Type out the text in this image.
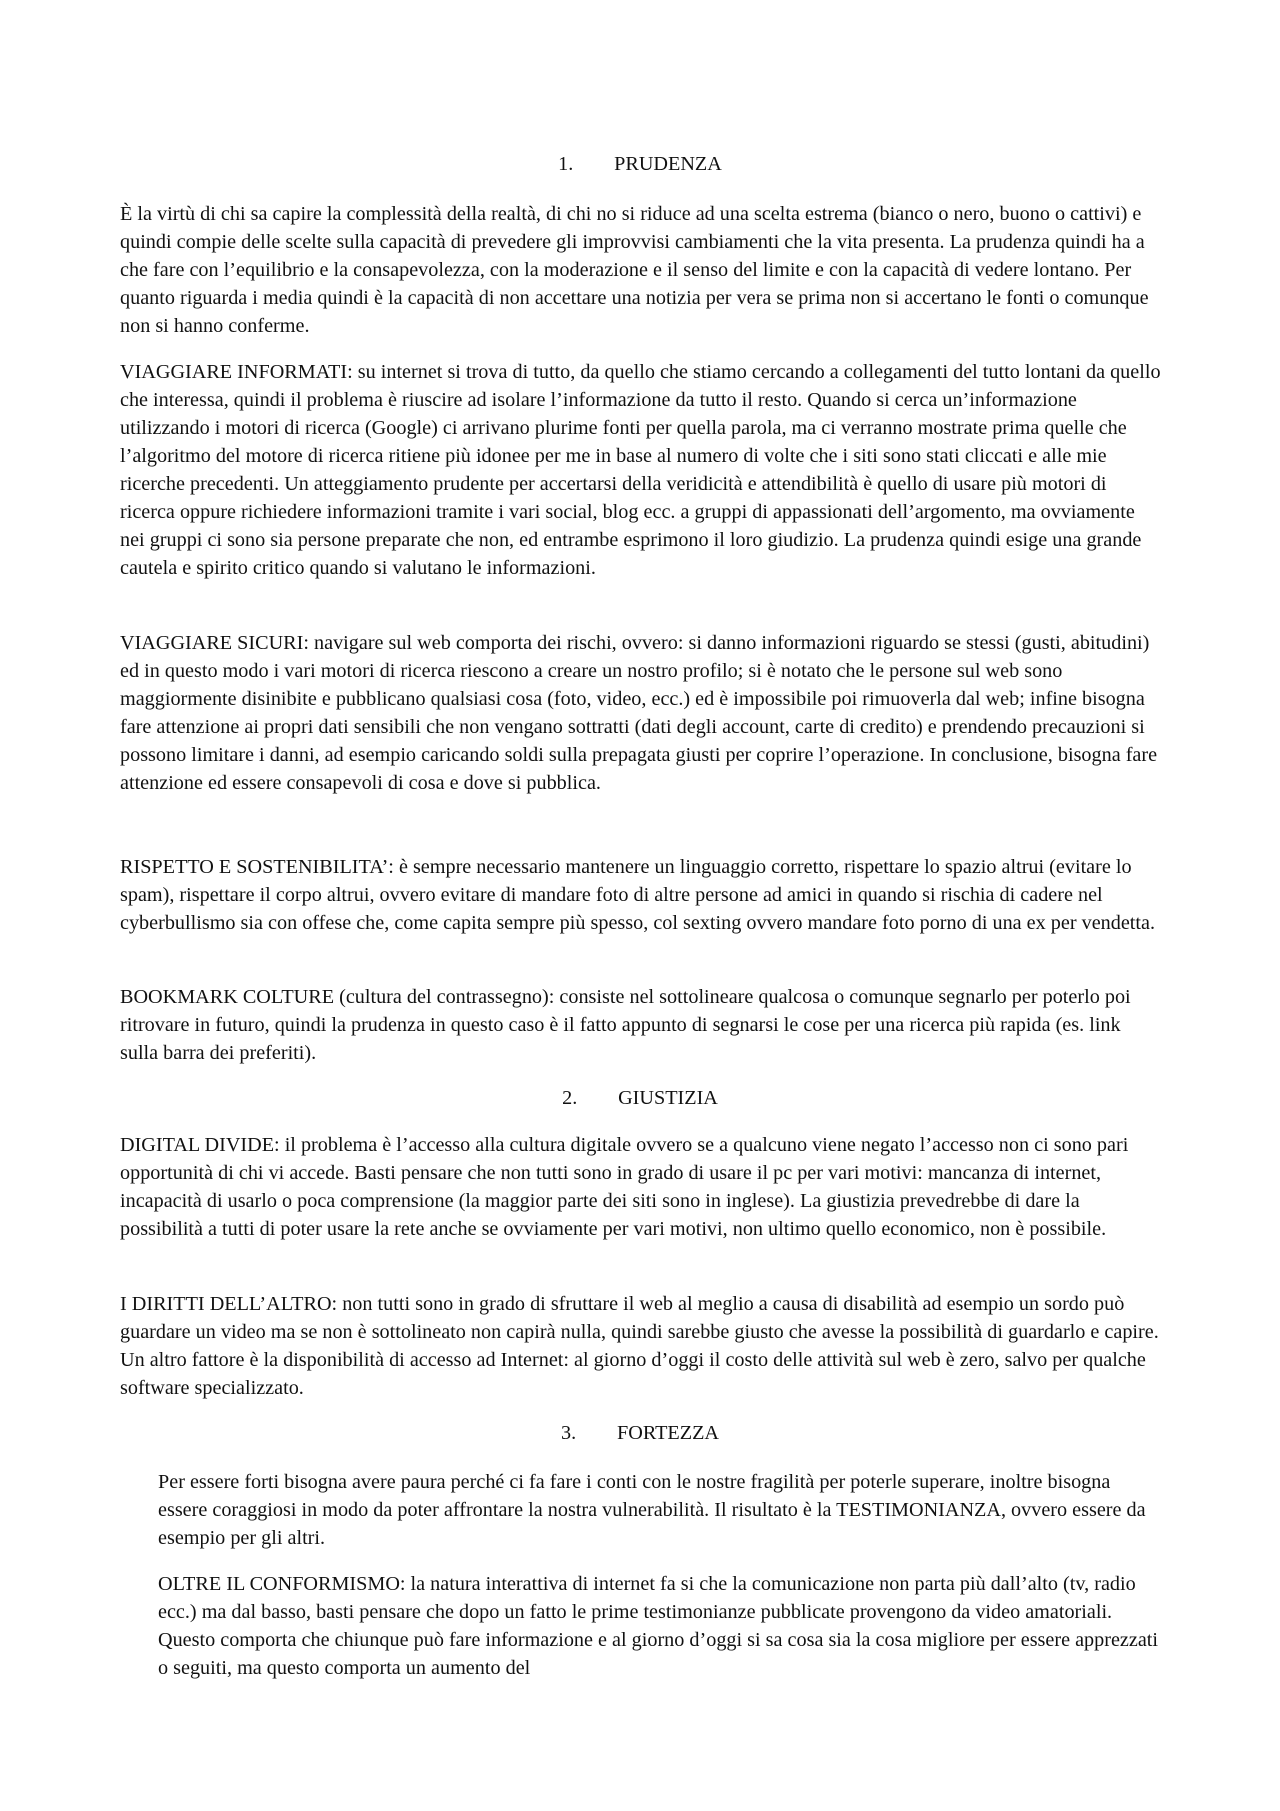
1. PRUDENZA

È la virtù di chi sa capire la complessità della realtà, di chi no si riduce ad una scelta estrema (bianco o nero, buono o cattivi) e quindi compie delle scelte sulla capacità di prevedere gli improvvisi cambiamenti che la vita presenta. La prudenza quindi ha a che fare con l’equilibrio e la consapevolezza, con la moderazione e il senso del limite e con la capacità di vedere lontano. Per quanto riguarda i media quindi è la capacità di non accettare una notizia per vera se prima non si accertano le fonti o comunque non si hanno conferme.

VIAGGIARE INFORMATI: su internet si trova di tutto, da quello che stiamo cercando a collegamenti del tutto lontani da quello che interessa, quindi il problema è riuscire ad isolare l’informazione da tutto il resto. Quando si cerca un’informazione utilizzando i motori di ricerca (Google) ci arrivano plurime fonti per quella parola, ma ci verranno mostrate prima quelle che l’algoritmo del motore di ricerca ritiene più idonee per me in base al numero di volte che i siti sono stati cliccati e alle mie ricerche precedenti. Un atteggiamento prudente per accertarsi della veridicità e attendibilità è quello di usare più motori di ricerca oppure richiedere informazioni tramite i vari social, blog ecc. a gruppi di appassionati dell’argomento, ma ovviamente nei gruppi ci sono sia persone preparate che non, ed entrambe esprimono il loro giudizio. La prudenza quindi esige una grande cautela e spirito critico quando si valutano le informazioni.

VIAGGIARE SICURI: navigare sul web comporta dei rischi, ovvero: si danno informazioni riguardo se stessi (gusti, abitudini) ed in questo modo i vari motori di ricerca riescono a creare un nostro profilo; si è notato che le persone sul web sono maggiormente disinibite e pubblicano qualsiasi cosa (foto, video, ecc.) ed è impossibile poi rimuoverla dal web; infine bisogna fare attenzione ai propri dati sensibili che non vengano sottratti (dati degli account, carte di credito) e prendendo precauzioni si possono limitare i danni, ad esempio caricando soldi sulla prepagata giusti per coprire l’operazione. In conclusione, bisogna fare attenzione ed essere consapevoli di cosa e dove si pubblica.

RISPETTO E SOSTENIBILITA’: è sempre necessario mantenere un linguaggio corretto, rispettare lo spazio altrui (evitare lo spam), rispettare il corpo altrui, ovvero evitare di mandare foto di altre persone ad amici in quando si rischia di cadere nel cyberbullismo sia con offese che, come capita sempre più spesso, col sexting ovvero mandare foto porno di una ex per vendetta.

BOOKMARK COLTURE (cultura del contrassegno): consiste nel sottolineare qualcosa o comunque segnarlo per poterlo poi ritrovare in futuro, quindi la prudenza in questo caso è il fatto appunto di segnarsi le cose per una ricerca più rapida (es. link sulla barra dei preferiti).

2. GIUSTIZIA

DIGITAL DIVIDE: il problema è l’accesso alla cultura digitale ovvero se a qualcuno viene negato l’accesso non ci sono pari opportunità di chi vi accede. Basti pensare che non tutti sono in grado di usare il pc per vari motivi: mancanza di internet, incapacità di usarlo o poca comprensione (la maggior parte dei siti sono in inglese). La giustizia prevedrebbe di dare la possibilità a tutti di poter usare la rete anche se ovviamente per vari motivi, non ultimo quello economico, non è possibile.

I DIRITTI DELL’ALTRO: non tutti sono in grado di sfruttare il web al meglio a causa di disabilità ad esempio un sordo può guardare un video ma se non è sottolineato non capirà nulla, quindi sarebbe giusto che avesse la possibilità di guardarlo e capire. Un altro fattore è la disponibilità di accesso ad Internet: al giorno d’oggi il costo delle attività sul web è zero, salvo per qualche software specializzato.

3. FORTEZZA

Per essere forti bisogna avere paura perché ci fa fare i conti con le nostre fragilità per poterle superare, inoltre bisogna essere coraggiosi in modo da poter affrontare la nostra vulnerabilità. Il risultato è la TESTIMONIANZA, ovvero essere da esempio per gli altri.

OLTRE IL CONFORMISMO: la natura interattiva di internet fa si che la comunicazione non parta più dall’alto (tv, radio ecc.) ma dal basso, basti pensare che dopo un fatto le prime testimonianze pubblicate provengono da video amatoriali. Questo comporta che chiunque può fare informazione e al giorno d’oggi si sa cosa sia la cosa migliore per essere apprezzati o seguiti, ma questo comporta un aumento del
